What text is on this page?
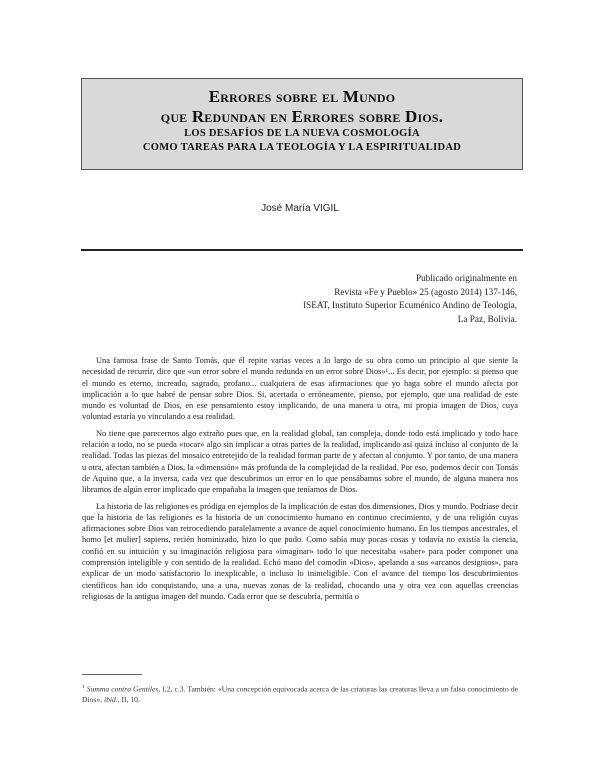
Errores sobre el Mundo
que Redundan en Errores sobre Dios.
LOS DESAFÍOS DE LA NUEVA COSMOLOGÍA
COMO TAREAS PARA LA TEOLOGÍA Y LA ESPIRITUALIDAD
José María VIGIL
Publicado originalmente en
Revista «Fe y Pueblo» 25 (agosto 2014) 137-146,
ISEAT, Instituto Superior Ecuménico Andino de Teología,
La Paz, Bolivia.

Una famosa frase de Santo Tomás, que él repite varias veces a lo largo de su obra como un principio al que siente la necesidad de recurrir, dice que «un error sobre el mundo redunda en un error sobre Dios»¹... Es decir, por ejemplo: si pienso que el mundo es eterno, increado, sagrado, profano... cualquiera de esas afirmaciones que yo haga sobre el mundo afecta por implicación a lo que habré de pensar sobre Dios. Si, acertada o erróneamente, pienso, por ejemplo, que una realidad de este mundo es voluntad de Dios, en ese pensamiento estoy implicando, de una manera u otra, mi propia imagen de Dios, cuya voluntad estaría yo vinculando a esa realidad.

No tiene que parecernos algo extraño pues que, en la realidad global, tan compleja, donde todo está implicado y todo hace relación a todo, no se pueda «tocar» algo sin implicar a otras partes de la realidad, implicando así quizá incluso al conjunto de la realidad. Todas las piezas del mosaico entretejido de la realidad forman parte de y afectan al conjunto. Y por tanto, de una manera u otra, afectan también a Dios, la «dimensión» más profunda de la complejidad de la realidad. Por eso, podemos decir con Tomás de Aquino que, a la inversa, cada vez que descubrimos un error en lo que pensábamos sobre el mundo, de alguna manera nos libramos de algún error implicado que empañaba la imagen que teníamos de Dios.

La historia de las religiones es pródiga en ejemplos de la implicación de estas dos dimensiones, Dios y mundo. Podríase decir que la historia de las religiones es la historia de un conocimiento humano en continuo crecimiento, y de una religión cuyas afirmaciones sobre Dios van retrocediendo paralelamente a avance de aquel conocimiento humano. En los tiempos ancestrales, el homo [et mulier] sapiens, recién hominizado, hizo lo que pudo. Como sabía muy pocas cosas y todavía no existía la ciencia, confió en su intuición y su imaginación religiosa para «imaginar» todo lo que necesitaba «saber» para poder componer una comprensión inteligible y con sentido de la realidad. Echó mano del comodín «Dios», apelando a sus «arcanos designios», para explicar de un modo satisfactorio lo inexplicable, o incluso lo ininteligible. Con el avance del tiempo los descubrimientos científicos han ido conquistando, una a una, nuevas zonas de la realidad, chocando una y otra vez con aquellas creencias religiosas de la antigua imagen del mundo. Cada error que se descubría, permitía o

$^1$ Summa contra Gentiles, I,2, c.3. También: «Una concepción equivocada acerca de las criaturas las creaturas lleva a un falso conocimiento de Dios», ibid., II, 10.
